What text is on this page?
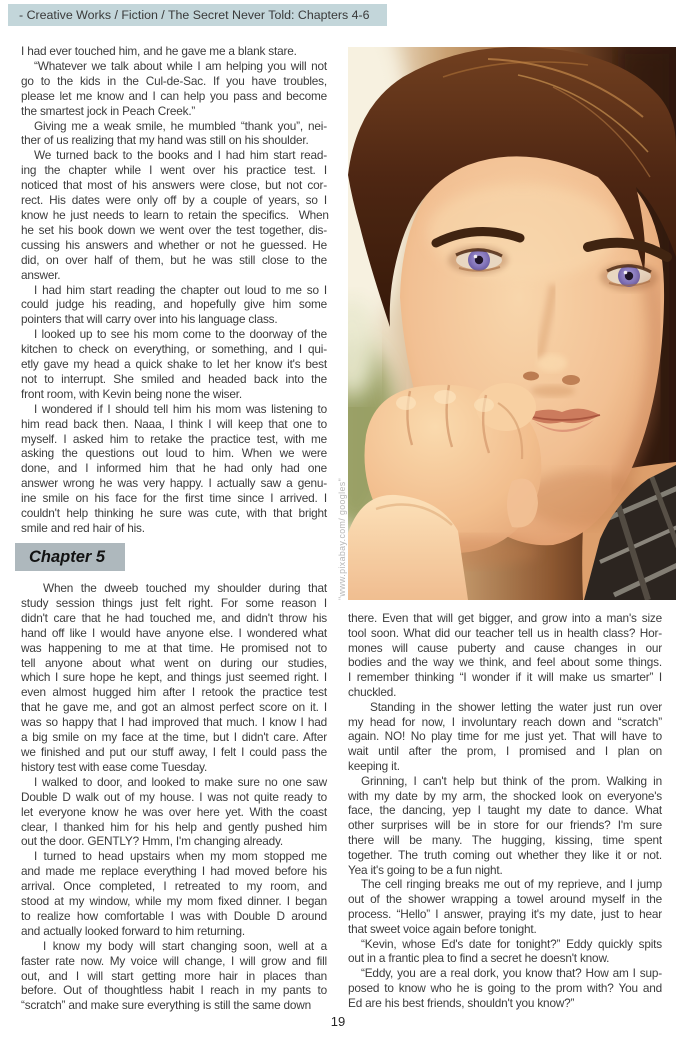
- Creative Works / Fiction / The Secret Never Told: Chapters 4-6
I had ever touched him, and he gave me a blank stare.
“Whatever we talk about while I am helping you will not
go to the kids in the Cul-de-Sac. If you have troubles,
please let me know and I can help you pass and become
the smartest jock in Peach Creek.”
Giving me a weak smile, he mumbled “thank you”, nei-
ther of us realizing that my hand was still on his shoulder.
We turned back to the books and I had him start read-
ing the chapter while I went over his practice test. I
noticed that most of his answers were close, but not cor-
rect. His dates were only off by a couple of years, so I
know he just needs to learn to retain the specifics.  When
he set his book down we went over the test together, dis-
cussing his answers and whether or not he guessed. He
did, on over half of them, but he was still close to the
answer.
I had him start reading the chapter out loud to me so I
could judge his reading, and hopefully give him some
pointers that will carry over into his language class.
I looked up to see his mom come to the doorway of the
kitchen to check on everything, or something, and I qui-
etly gave my head a quick shake to let her know it's best
not to interrupt. She smiled and headed back into the
front room, with Kevin being none the wiser.
I wondered if I should tell him his mom was listening to
him read back then. Naaa, I think I will keep that one to
myself. I asked him to retake the practice test, with me
asking the questions out loud to him. When we were
done, and I informed him that he had only had one
answer wrong he was very happy. I actually saw a genu-
ine smile on his face for the first time since I arrived. I
couldn't help thinking he sure was cute, with that bright
smile and red hair of his.
Chapter 5
When the dweeb touched my shoulder during that
study session things just felt right. For some reason I
didn't care that he had touched me, and didn't throw his
hand off like I would have anyone else. I wondered what
was happening to me at that time. He promised not to
tell anyone about what went on during our studies,
which I sure hope he kept, and things just seemed right. I
even almost hugged him after I retook the practice test
that he gave me, and got an almost perfect score on it. I
was so happy that I had improved that much. I know I had
a big smile on my face at the time, but I didn't care. After
we finished and put our stuff away, I felt I could pass the
history test with ease come Tuesday.
I walked to door, and looked to make sure no one saw
Double D walk out of my house. I was not quite ready to
let everyone know he was over here yet. With the coast
clear, I thanked him for his help and gently pushed him
out the door. GENTLY? Hmm, I'm changing already.
I turned to head upstairs when my mom stopped me
and made me replace everything I had moved before his
arrival. Once completed, I retreated to my room, and
stood at my window, while my mom fixed dinner. I began
to realize how comfortable I was with Double D around
and actually looked forward to him returning.
I know my body will start changing soon, well at a
faster rate now. My voice will change, I will grow and fill
out, and I will start getting more hair in places than
before. Out of thoughtless habit I reach in my pants to
“scratch” and make sure everything is still the same down
"www.pixabay.com/ googles"
there. Even that will get bigger, and grow into a man's size
tool soon. What did our teacher tell us in health class? Hor-
mones will cause puberty and cause changes in our
bodies and the way we think, and feel about some things.
I remember thinking “I wonder if it will make us smarter” I
chuckled.
Standing in the shower letting the water just run over
my head for now, I involuntary reach down and “scratch”
again. NO! No play time for me just yet. That will have to
wait until after the prom, I promised and I plan on
keeping it.
Grinning, I can't help but think of the prom. Walking in
with my date by my arm, the shocked look on everyone's
face, the dancing, yep I taught my date to dance. What
other surprises will be in store for our friends? I'm sure
there will be many. The hugging, kissing, time spent
together. The truth coming out whether they like it or not.
Yea it's going to be a fun night.
The cell ringing breaks me out of my reprieve, and I jump
out of the shower wrapping a towel around myself in the
process. “Hello” I answer, praying it's my date, just to hear
that sweet voice again before tonight.
“Kevin, whose Ed's date for tonight?” Eddy quickly spits
out in a frantic plea to find a secret he doesn't know.
“Eddy, you are a real dork, you know that? How am I sup-
posed to know who he is going to the prom with? You and
Ed are his best friends, shouldn't you know?”
19
